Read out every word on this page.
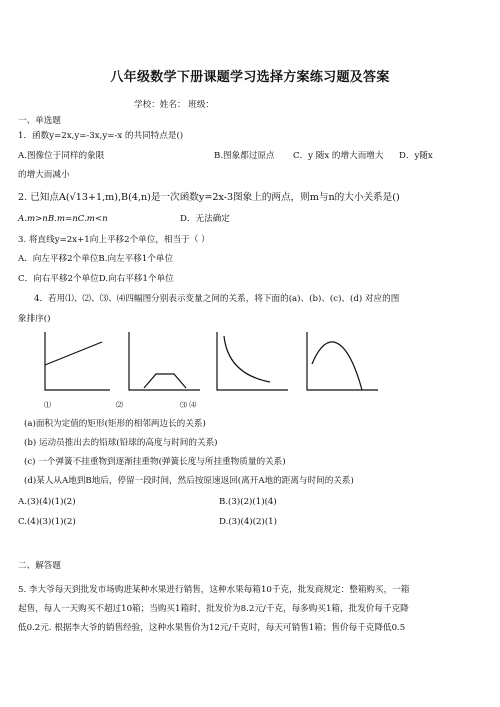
八年级数学下册课题学习选择方案练习题及答案
学校：姓名： 班级：
一、单选题
1．函数y=2x,y=-3x,y=-x 的共同特点是()
A.图像位于同样的象限	B.图象都过原点 C．y 随x 的增大而增大 D．y随x
的增大而减小
2. 已知点A(√13+1,m),B(4,n)是一次函数y=2x-3图象上的两点，则m与n的大小关系是()
A.m>nB.m=nC.m<n	D．无法确定
3. 将直线y=2x+1向上平移2个单位，相当于（ ）
A．向左平移2个单位B.向左平移1个单位
C．向右平移2个单位D.向右平移1个单位
4．若用⑴、⑵、⑶、⑷四幅图分别表示变量之间的关系，将下面的(a)、(b)、(c)、(d) 对应的图
象排序()
⑴	⑵	⑶ ⑷
(a)面积为定值的矩形(矩形的相邻两边长的关系)
(b) 运动员推出去的铅球(铅球的高度与时间的关系)
(c) 一个弹簧不挂重物到逐渐挂重物(弹簧长度与所挂重物质量的关系)
(d)某人从A地到B地后，停留一段时间，然后按原速返回(离开A地的距离与时间的关系)
A.(3)(4)(1)(2)	B.(3)(2)(1)(4)
C.(4)(3)(1)(2)	D.(3)(4)(2)(1)
二、解答题
5. 李大爷每天到批发市场购进某种水果进行销售，这种水果每箱10千克，批发商规定：整箱购买，一箱
起售，每人一天购买不超过10箱；当购买1箱时，批发价为8.2元/千克，每多购买1箱，批发价每千克降
低0.2元. 根据李大爷的销售经验，这种水果售价为12元/千克时，每天可销售1箱；售价每千克降低0.5
